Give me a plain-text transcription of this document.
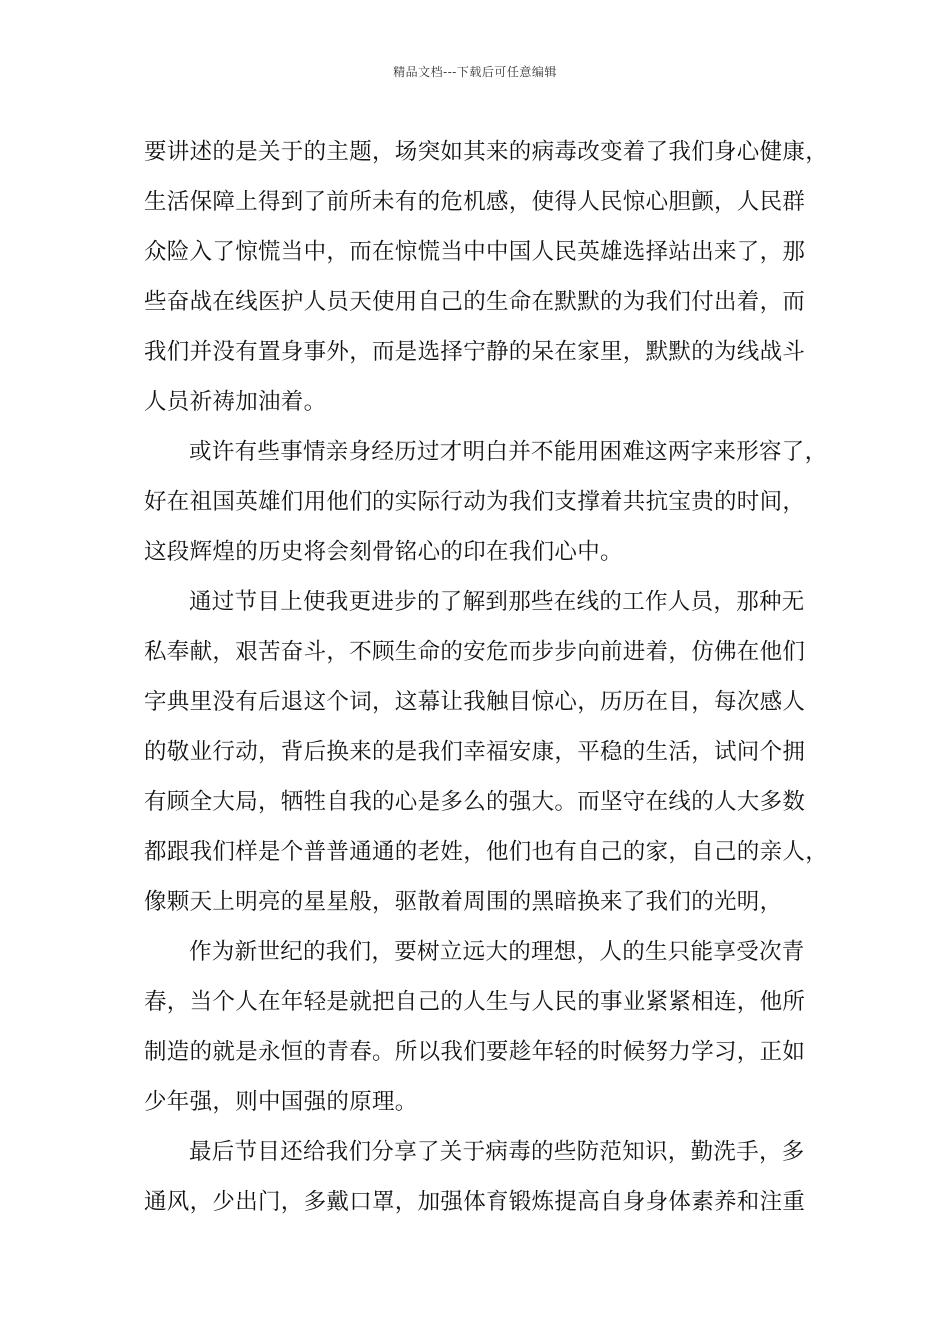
精品文档---下载后可任意编辑
要讲述的是关于的主题，场突如其来的病毒改变着了我们身心健康，
生活保障上得到了前所未有的危机感，使得人民惊心胆颤，人民群
众险入了惊慌当中，而在惊慌当中中国人民英雄选择站出来了，那
些奋战在线医护人员天使用自己的生命在默默的为我们付出着，而
我们并没有置身事外，而是选择宁静的呆在家里，默默的为线战斗
人员祈祷加油着。
或许有些事情亲身经历过才明白并不能用困难这两字来形容了，
好在祖国英雄们用他们的实际行动为我们支撑着共抗宝贵的时间，
这段辉煌的历史将会刻骨铭心的印在我们心中。
通过节目上使我更进步的了解到那些在线的工作人员，那种无
私奉献，艰苦奋斗，不顾生命的安危而步步向前进着，仿佛在他们
字典里没有后退这个词，这幕让我触目惊心，历历在目，每次感人
的敬业行动，背后换来的是我们幸福安康，平稳的生活，试问个拥
有顾全大局，牺牲自我的心是多么的强大。而坚守在线的人大多数
都跟我们样是个普普通通的老姓，他们也有自己的家，自己的亲人，
像颗天上明亮的星星般，驱散着周围的黑暗换来了我们的光明，
作为新世纪的我们，要树立远大的理想，人的生只能享受次青
春，当个人在年轻是就把自己的人生与人民的事业紧紧相连，他所
制造的就是永恒的青春。所以我们要趁年轻的时候努力学习，正如
少年强，则中国强的原理。
最后节目还给我们分享了关于病毒的些防范知识，勤洗手，多
通风，少出门，多戴口罩，加强体育锻炼提高自身身体素养和注重
